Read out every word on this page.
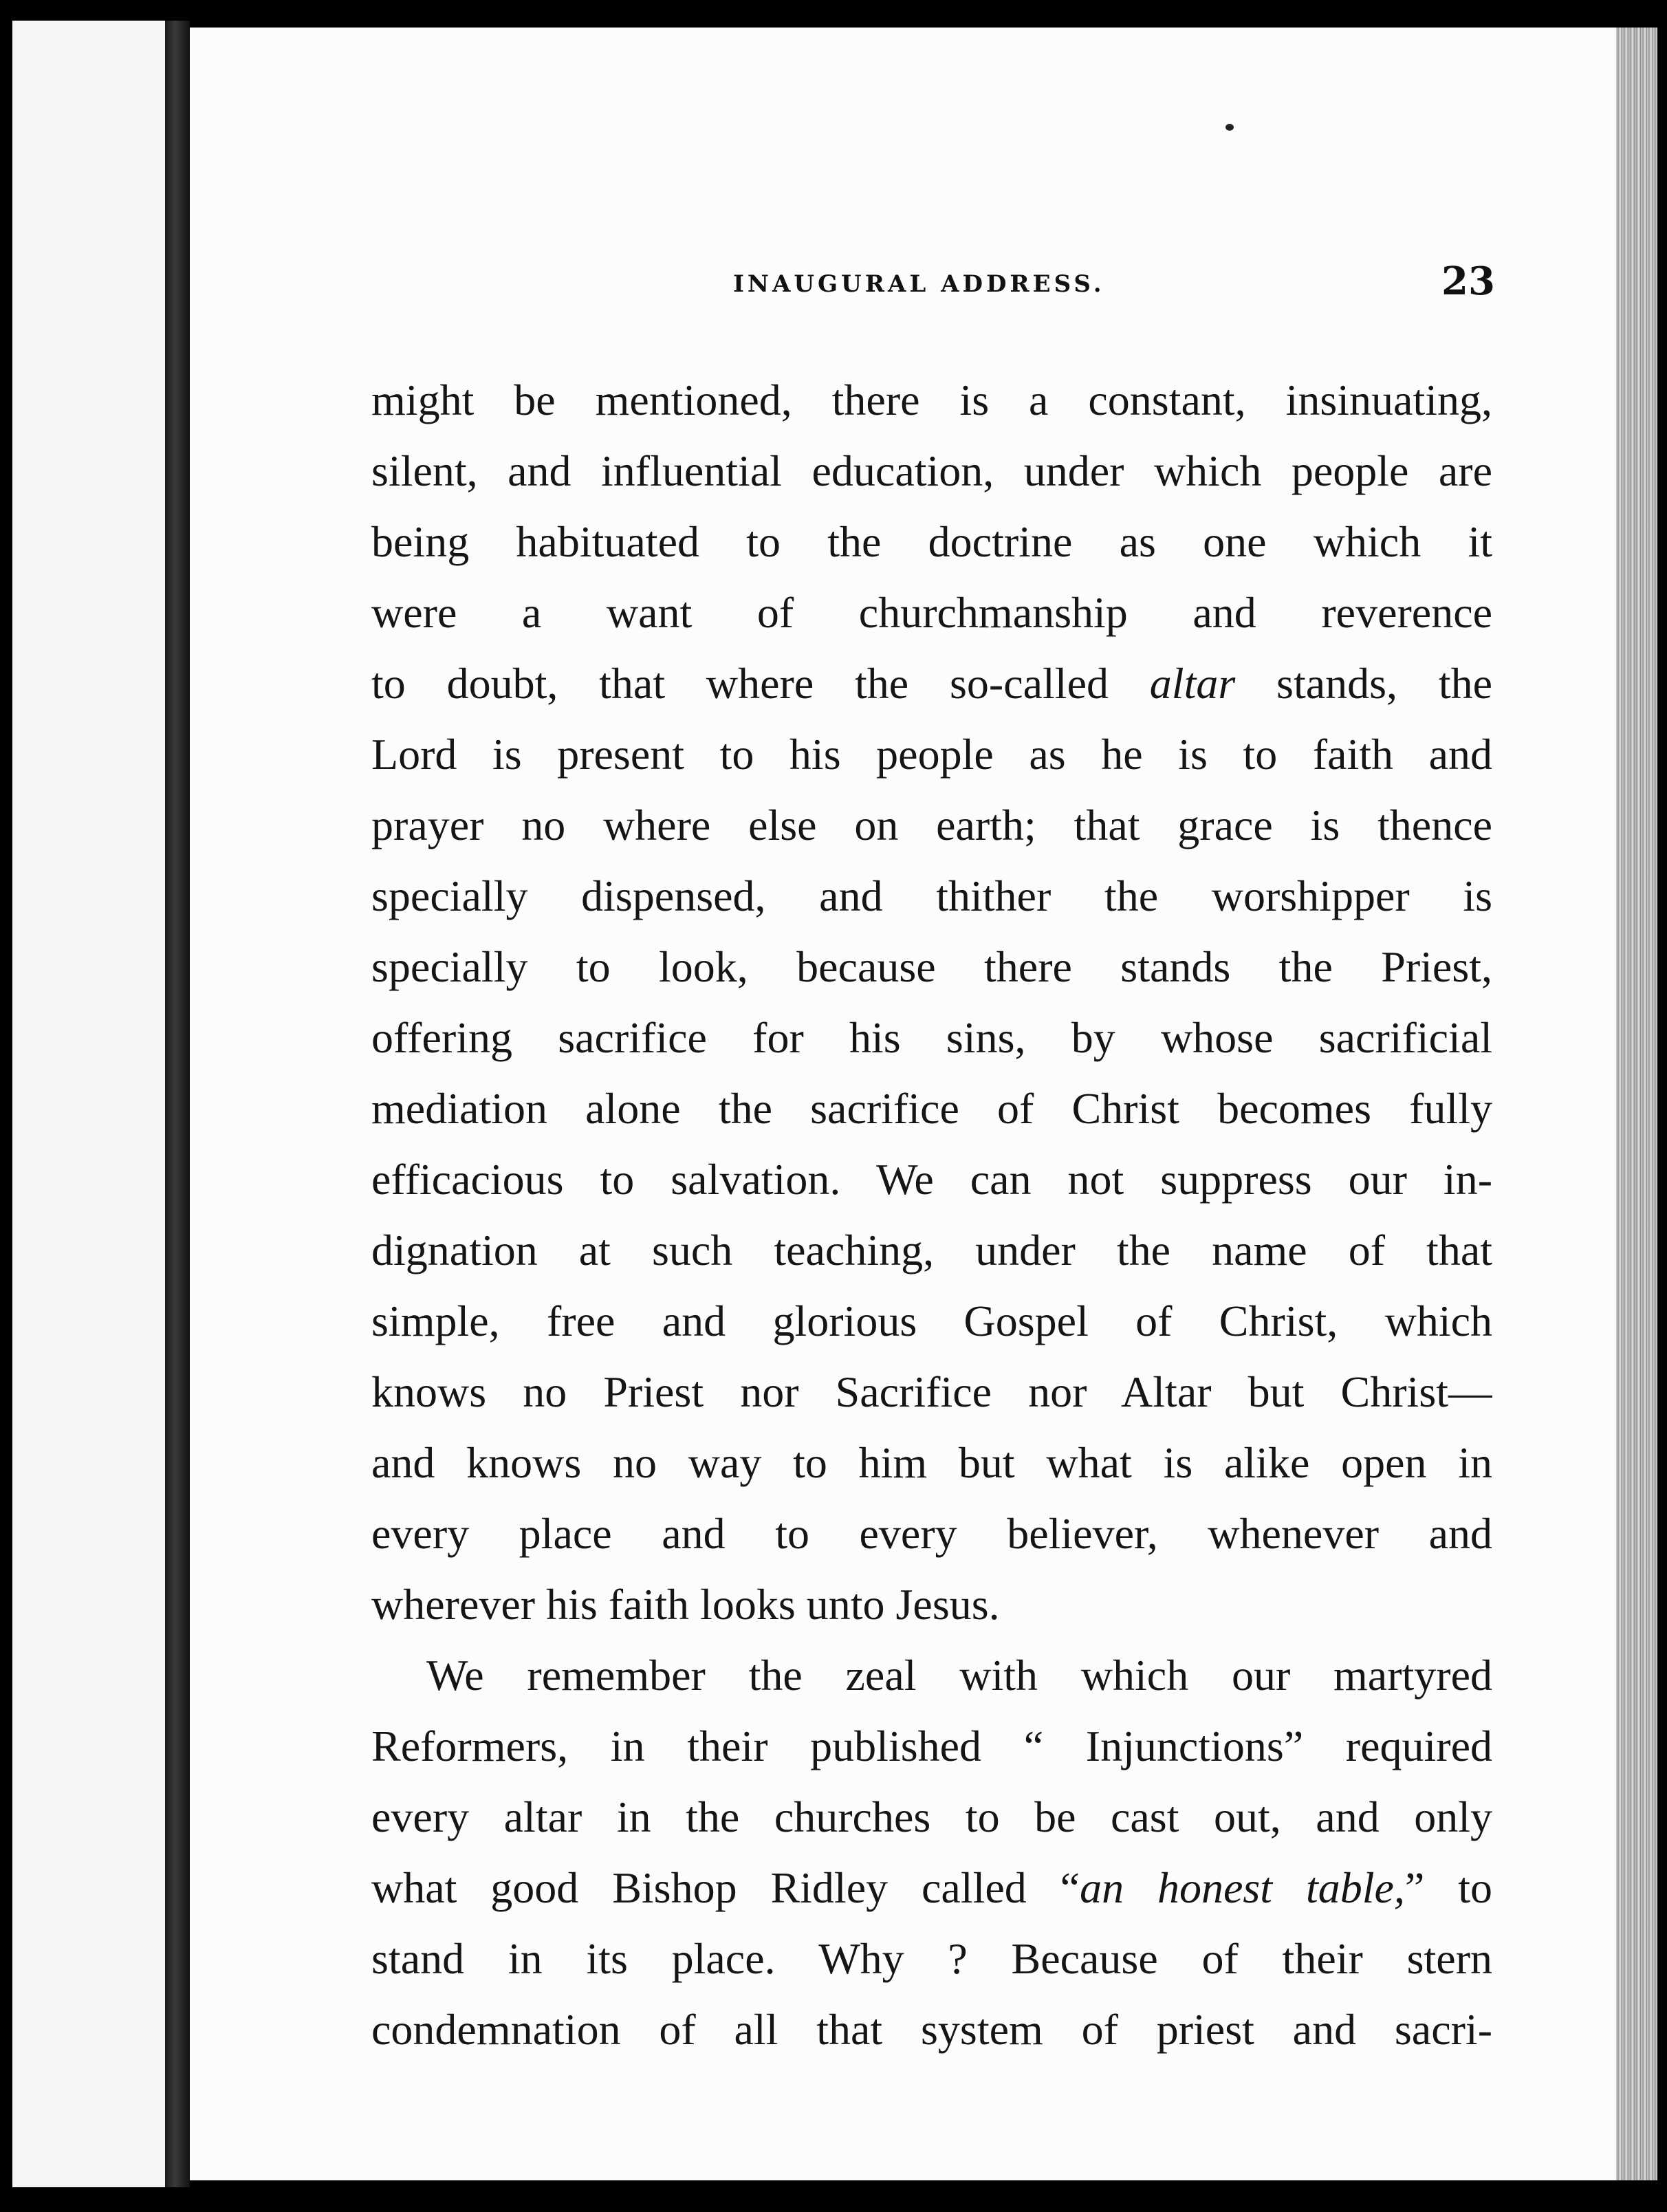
INAUGURAL ADDRESS.	23
might be mentioned, there is a constant, insinuating,
silent, and influential education, under which people are
being habituated to the doctrine as one which it
were a want of churchmanship and reverence
to doubt, that where the so-called altar stands, the
Lord is present to his people as he is to faith and
prayer no where else on earth; that grace is thence
specially dispensed, and thither the worshipper is
specially to look, because there stands the Priest,
offering sacrifice for his sins, by whose sacrificial
mediation alone the sacrifice of Christ becomes fully
efficacious to salvation. We can not suppress our in-
dignation at such teaching, under the name of that
simple, free and glorious Gospel of Christ, which
knows no Priest nor Sacrifice nor Altar but Christ—
and knows no way to him but what is alike open in
every place and to every believer, whenever and
wherever his faith looks unto Jesus.
We remember the zeal with which our martyred
Reformers, in their published “ Injunctions” required
every altar in the churches to be cast out, and only
what good Bishop Ridley called “an honest table,” to
stand in its place. Why ? Because of their stern
condemnation of all that system of priest and sacri-
